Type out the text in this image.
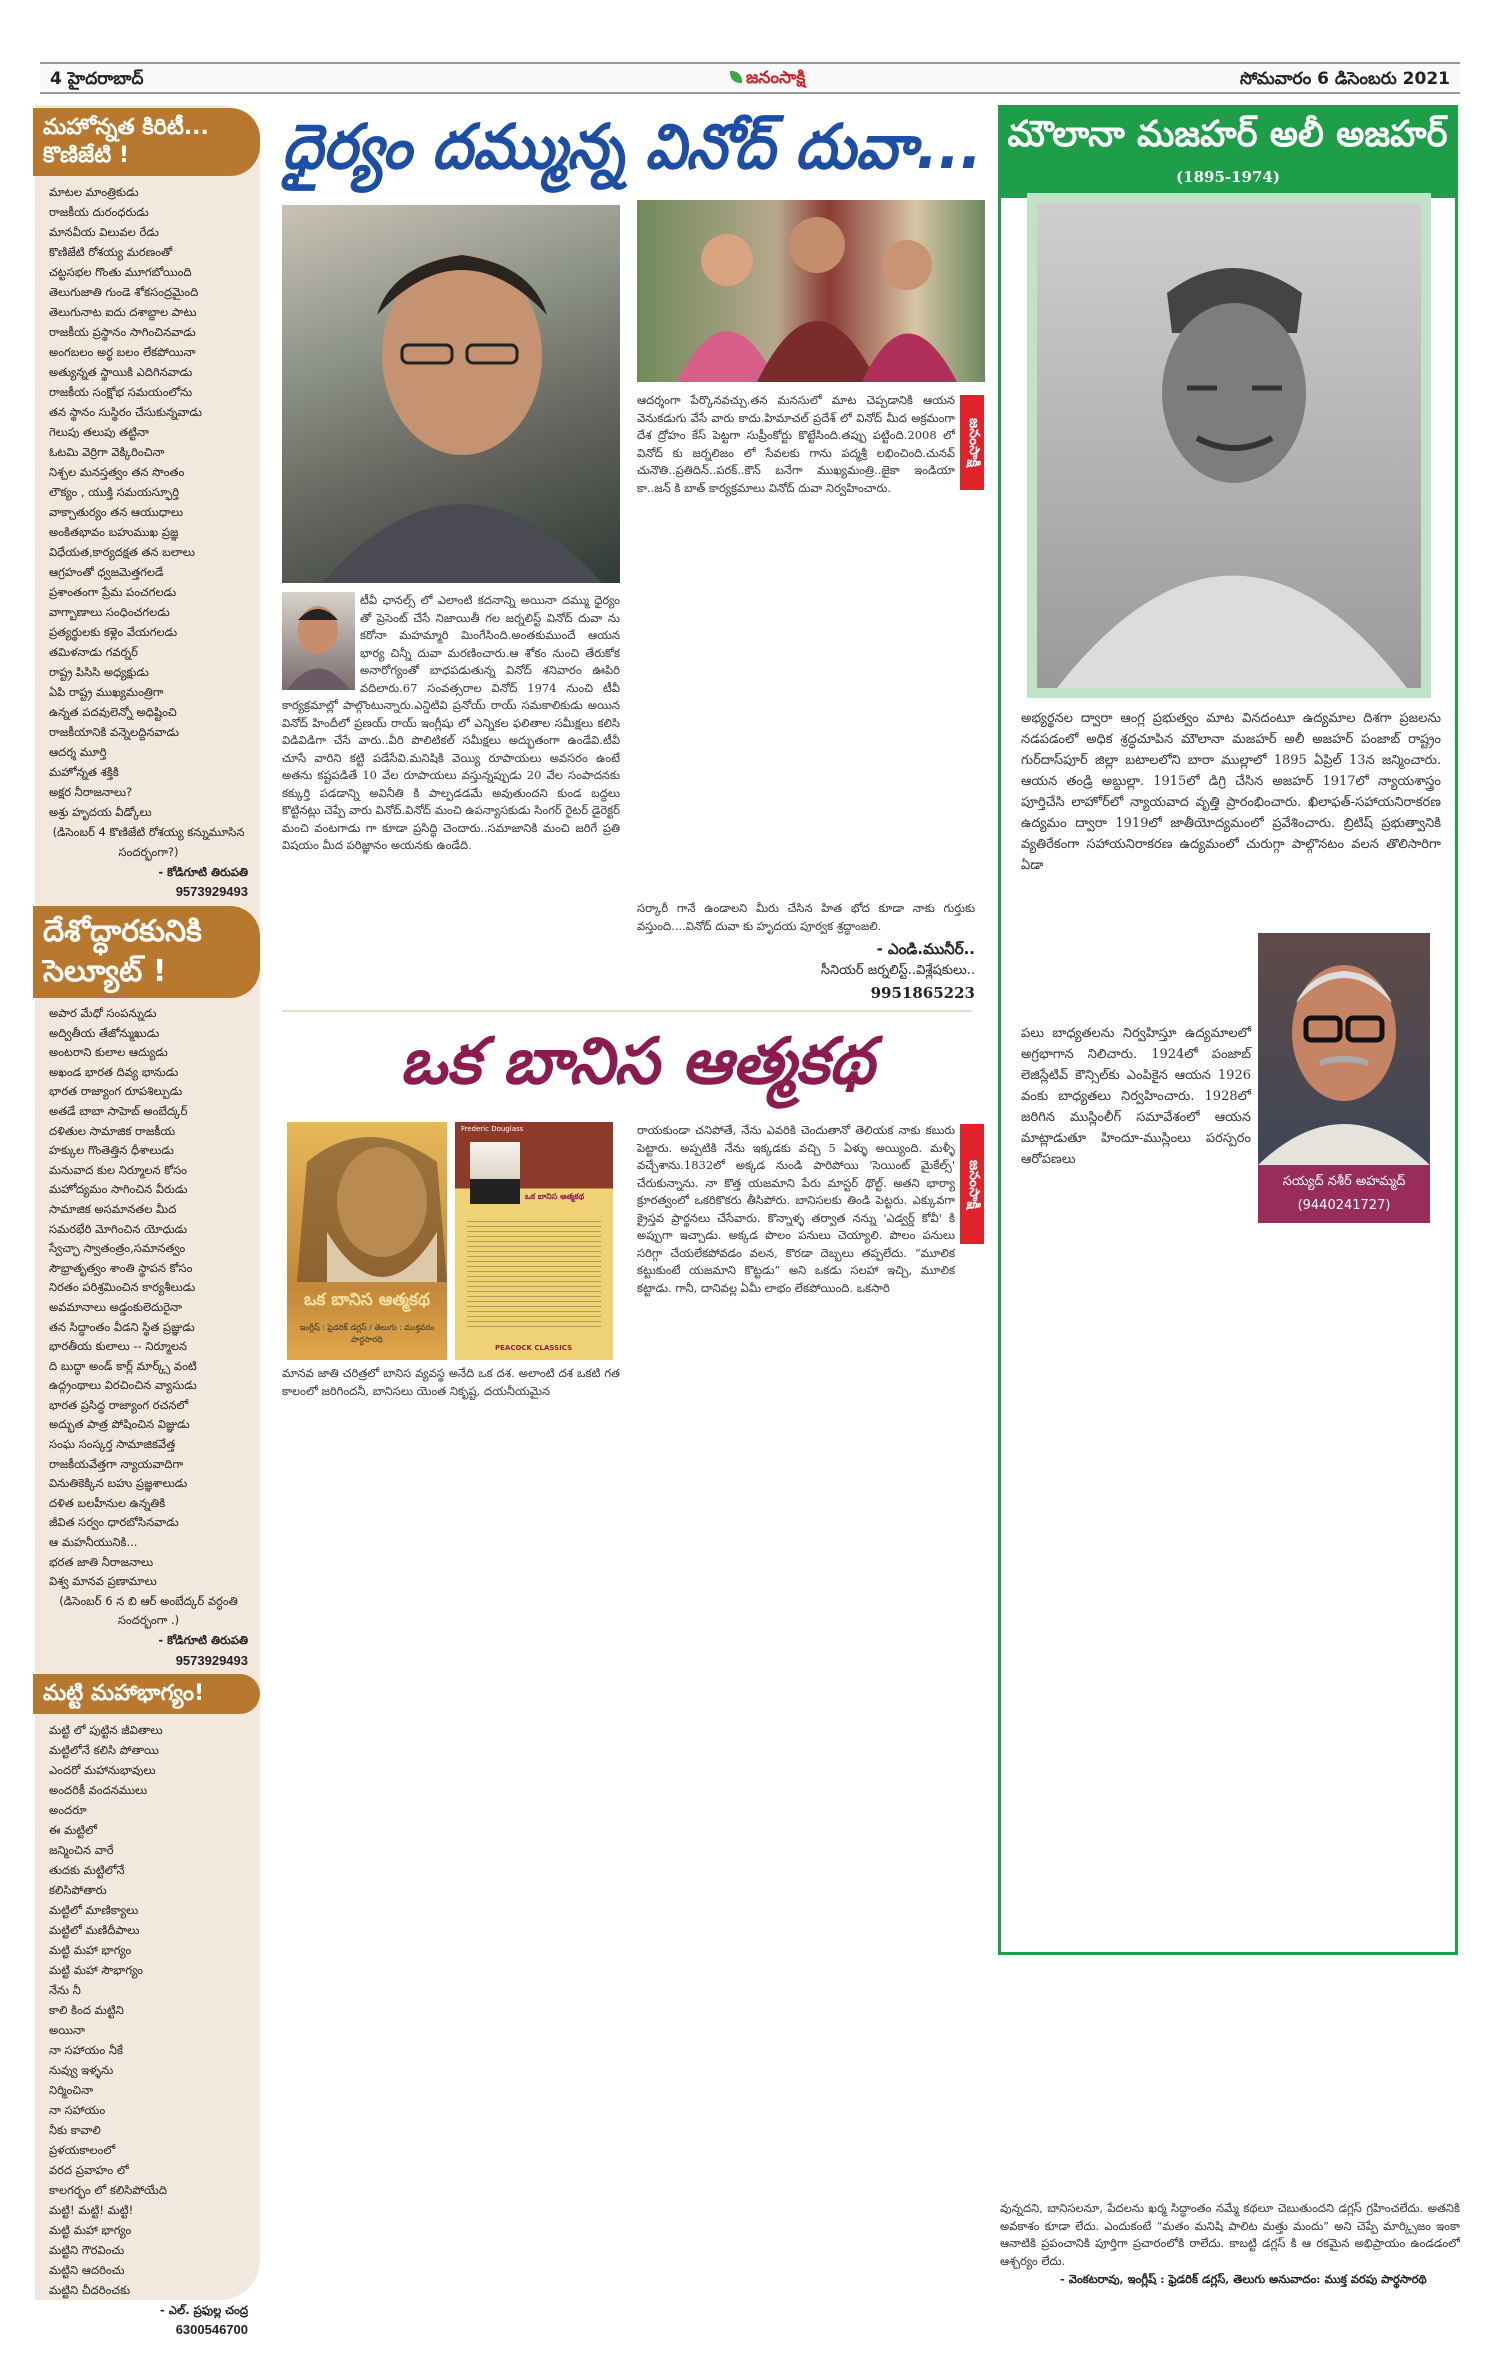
4 హైదరాబాద్	జనంసాక్షి	సోమవారం 6 డిసెంబరు 2021
మహోన్నత కిరిటీ... కొణిజేటి !
మాటల మాంత్రికుడు
రాజకీయ దురంధరుడు
మానవీయ విలువల రేడు
కొణిజేటి రోశయ్య మరణంతో
చట్టసభల గొంతు మూగబోయింది
తెలుగుజాతి గుండె శోకసంద్రమైంది
తెలుగునాట ఐదు దశాబ్దాల పాటు
రాజకీయ ప్రస్థానం సాగించినవాడు
అంగబలం అర్థ బలం లేకపోయినా
అత్యున్నత స్థాయికి ఎదిగినవాడు
రాజకీయ సంక్షోభ సమయంలోను
తన స్థానం సుస్థిరం చేసుకున్నవాడు
గెలుపు తలుపు తట్టినా
ఓటమి వెర్రిగా వెక్కిరించినా
నిశ్చల మనస్తత్వం తన సొంతం
లౌక్యం , యుక్తి సమయస్ఫూర్తి
వాక్చాతుర్యం తన ఆయుధాలు
అంకితభావం బహుముఖ ప్రజ్ఞ
విధేయత,కార్యదక్షత తన బలాలు
ఆగ్రహంతో ధ్వజమెత్తగలడే
ప్రశాంతంగా ప్రేమ పంచగలడు
వాగ్బాణాలు సంధించగలడు
ప్రత్యర్థులకు కళ్లెం వేయగలడు
తమిళనాడు గవర్నర్
రాష్ట్ర పిసిసి అధ్యక్షుడు
ఏపి రాష్ట్ర ముఖ్యమంత్రిగా
ఉన్నత పదవులెన్నో అధిష్టించి
రాజకీయానికి వన్నెలద్దినవాడు
ఆదర్శ మూర్తి
మహోన్నత శక్తికి
అక్షర నీరాజనాలు?
అశ్రు హృదయ వీడ్కోలు
(డిసెంబర్ 4 కొణిజేటి రోశయ్య కన్నుమూసిన సందర్భంగా?)
- కోడిగూటి తిరుపతి
9573929493
దేశోద్ధారకునికి సెల్యూట్ !
అపార మేధో సంపన్నుడు
అద్వితీయ తేజోన్ముఖుడు
అంటరాని కులాల ఆద్యుడు
అఖండ భారత దివ్య భానుడు
భారత రాజ్యాంగ రూపశిల్పుడు
అతడే బాబా సాహెబ్ అంబేద్కర్
దళితుల సామాజిక రాజకీయ
హక్కుల గొంతెత్తిన ధీశాలుడు
మనువాద కుల నిర్మూలన కోసం
మహోద్యమం సాగించిన వీరుడు
సామాజిక అసమానతల మీద
సమరభేరి మోగించిన యోధుడు
స్వేచ్ఛా స్వాతంత్రం,సమానత్వం
సౌభ్రాతృత్వం శాంతి స్థాపన కోసం
నిరతం పరిశ్రమించిన కార్యశీలుడు
అవమానాలు అడ్డంకులెదురైనా
తన సిద్ధాంతం వీడని స్థిత ప్రజ్ఞుడు
భారతీయ కులాలు -- నిర్మూలన
ది బుద్ధా అండ్ కార్ల్ మార్క్స్ వంటి
ఉద్గ్రంథాలు విరచించిన వ్యాసుడు
భారత ప్రసిద్ధ రాజ్యాంగ రచనలో
అద్భుత పాత్ర పోషించిన విజ్ఞుడు
సంఘ సంస్కర్త సామాజికవేత్త
రాజకీయవేత్తగా న్యాయవాదిగా
వినుతికెక్కిన బహు ప్రజ్ఞశాలుడు
దళిత బలహీనుల ఉన్నతికి
జీవిత సర్వం ధారబోసినవాడు
ఆ మహనీయునికి...
భరత జాతి నీరాజనాలు
విశ్వ మానవ ప్రణామాలు
(డిసెంబర్ 6 న బి ఆర్ అంబేద్కర్ వర్ధంతి సందర్భంగా .)
- కోడిగూటి తిరుపతి
9573929493
మట్టి మహాభాగ్యం!
మట్టి లో పుట్టిన జీవితాలు
మట్టిలోనే కలిసి పోతాయి
ఎందరో మహానుభావులు
అందరికీ వందనములు
అందరూ
ఈ మట్టిలో
జన్మించిన వారే
తుదకు మట్టిలోనే
కలిసిపోతారు
మట్టిలో మాణిక్యాలు
మట్టిలో మణిదీపాలు
మట్టి మహా భాగ్యం
మట్టి మహా సౌభాగ్యం
నేను నీ
కాలి కింద మట్టిని
అయినా
నా సహాయం నీకే
నువ్వు ఇళ్ళను
నిర్మించినా
నా సహాయం
నీకు కావాలి
ప్రళయకాలంలో
వరద ప్రవాహం లో
కాలగర్భం లో కలిసిపోయేది
మట్టి! మట్టి! మట్టి!
మట్టి మహా భాగ్యం
మట్టిని గౌరవించు
మట్టిని ఆదరించు
మట్టిని చీదరించకు
- ఎల్. ప్రఫుల్ల చంద్ర
6300546700
ధైర్యం దమ్మున్న వినోద్ దువా...
టీవీ ఛానల్స్ లో ఎలాంటి కదనాన్ని అయినా దమ్ము ధైర్యం తో ప్రెసెంట్ చేసే నిజాయితీ గల జర్నలిస్ట్ వినోద్ దువా ను కరోనా మహమ్మారి మింగేసింది.అంతకుముందే ఆయన భార్య చిన్నీ దువా మరణించారు.ఆ శోకం నుంచి తేరుకోక అనారోగ్యంతో బాధపడుతున్న వినోద్ శనివారం ఊపిరి వదిలారు.67 సంవత్సరాల వినోద్ 1974 నుంచి టీవీ కార్యక్రమాల్లో పాల్గొంటున్నారు.ఎన్డిటివి ప్రనోయ్ రాయ్ సమకాలికుడు అయిన వినోద్ హిందీలో ప్రణయ్ రాయ్ ఇంగ్లీషు లో ఎన్నికల ఫలితాల సమీక్షలు కలిసి విడివిడిగా చేసే వారు..వీరి పొలిటికల్ సమీక్షలు అద్భుతంగా ఉండేవి.టీవీ చూసే వారిని కట్టి పడేసేవి.మనిషికి వెయ్యి రూపాయలు అవసరం ఉంటే అతను కష్టపడితే 10 వేల రూపాయలు వస్తున్నప్పుడు 20 వేల సంపాదనకు కక్కుర్తి పడడాన్ని అవినీతి కి పాల్పడడమే అవుతుందని కుండ బద్దలు కొట్టినట్లు చెప్పే వారు వినోద్.వినోద్ మంచి ఉపన్యాసకుడు సింగర్ రైటర్ డైరెక్టర్ మంచి వంటగాడు గా కూడా ప్రసిద్ధి చెందారు..సమాజానికి మంచి జరిగే ప్రతి విషయం మీద పరిజ్ఞానం అయనకు ఉండేది.
ఆదర్శంగా పేర్కొనవచ్చు.తన మనసులో మాట చెప్పడానికి ఆయన వెనుకడుగు వేసే వారు కాదు.హిమాచల్ ప్రదేశ్ లో వినోద్ మీద అక్రమంగా దేశ ద్రోహం కేస్ పెట్టగా సుప్రీంకోర్టు కొట్టేసింది.తప్పు పట్టింది.2008 లో వినోద్ కు జర్నలిజం లో సేవలకు గాను పద్మశ్రీ లభించింది.చునవ్ చునౌతి..ప్రతిదిన్..పరక్..కౌన్ బనేగా ముఖ్యమంత్రి..జైకా ఇండియా కా..జన్ కి బాత్ కార్యక్రమాలు వినోద్ దువా నిర్వహించారు.
జనంసాక్షి
సర్కారీ గానే ఉండాలని మీరు చేసిన హిత భోద కూడా నాకు గుర్తుకు వస్తుంది....వినోద్ దువా కు హృదయ పూర్వక శ్రద్ధాంజలి.
- ఎండి.మునీర్..
సీనియర్ జర్నలిస్ట్..విశ్లేషకులు..
9951865223
ఒక బానిస ఆత్మకథ
ఒక బానిస ఆత్మకథ
ఇంగ్లీష్ : ఫ్రెడరిక్ డగ్లస్ / తెలుగు : ముక్తవరం పార్థసారధి
Frederic Douglass
ఒక బానిస ఆత్మకథ
PEACOCK CLASSICS
మానవ జాతి చరిత్రలో బానిస వ్యవస్థ అనేది ఒక దశ. అలాంటి దశ ఒకటి గత కాలంలో జరిగిందనీ, బానిసలు యెంత నికృష్ట, దయనీయమైన
రాయకుండా చనిపోతే, నేను ఎవరికి చెందుతానో తెలియక నాకు కబురు పెట్టారు. అప్పటికి నేను ఇక్కడకు వచ్చి 5 ఏళ్ళు అయ్యింది. మళ్ళీ వచ్చేశాను.1832లో అక్కడ నుండి పారిపోయి 'సెయింట్ మైకేల్స్' చేరుకున్నాను. నా కొత్త యజమాని పేరు మాస్టర్ థొల్ట్. అతని భార్యా క్రూరత్వంలో ఒకరికొకరు తీసిపోరు. బానిసలకు తిండి పెట్టరు. ఎక్కువగా క్రైస్తవ ప్రార్థనలు చేసేవారు. కొన్నాళ్ళ తర్వాత నన్ను 'ఎడ్వర్డ్ కోవీ' కి అప్పుగా ఇచ్చాడు. అక్కడ పొలం పనులు చెయ్యాలి. పొలం పనులు సరిగ్గా చేయలేకపోవడం వలన, కొరడా దెబ్బలు తప్పలేదు. “మూలిక కట్టుకుంటే యజమాని కొట్టడు” అని ఒకడు సలహా ఇచ్చి, మూలిక కట్టాడు. గానీ, దానివల్ల ఏమీ లాభం లేకపోయింది. ఒకసారి
జనంసాక్షి
వున్నదని, బానిసలనూ, పేదలను ఖర్మ సిద్ధాంతం నమ్మే కథలూ చెబుతుందని డగ్లస్ గ్రహించలేదు. అతనికి అవకాశం కూడా లేదు. ఎందుకంటే “మతం మనిషి పాలిట మత్తు మందు” అని చెప్పే మార్క్సిజం ఇంకా ఆనాటికి ప్రపంచానికి పూర్తిగా ప్రచారంలోకి రాలేదు. కాబట్టి డగ్లస్ కి ఆ రకమైన అభిప్రాయం ఉండడంలో ఆశ్చర్యం లేదు.
- వెంకటరావు, ఇంగ్లీష్ : ఫ్రెడరిక్ డగ్లస్, తెలుగు అనువాదం: ముక్త వరపు పార్థసారథి
మౌలానా మజహర్ అలీ అజహర్
(1895-1974)
అభ్యర్థనల ద్వారా ఆంగ్ల ప్రభుత్వం మాట వినదంటూ ఉద్యమాల దిశగా ప్రజలను నడపడంలో అధిక శ్రద్ధచూపిన మౌలానా మజహర్ అలీ అజహర్ పంజాబ్ రాష్ట్రం గుర్‌దాస్‌పూర్ జిల్లా బటాలలోని బారా ముల్లాలో 1895 ఏప్రిల్ 13న జన్మించారు. ఆయన తండ్రి అబ్దుల్లా. 1915లో డిగ్రి చేసిన అజహర్ 1917లో న్యాయశాస్త్రం పూర్తిచేసి లాహోర్‌లో న్యాయవాద వృత్తి ప్రారంభించారు. ఖిలాఫత్-సహాయనిరాకరణ ఉద్యమం ద్వారా 1919లో జాతీయోద్యమంలో ప్రవేశించారు. బ్రిటిష్ ప్రభుత్వానికి వ్యతిరేకంగా సహాయనిరాకరణ ఉద్యమంలో చురుగ్గా పాల్గొనటం వలన తొలిసారిగా ఏడా
సయ్యద్ నశీర్ అహమ్మద్
(9440241727)
పలు బాధ్యతలను నిర్వహిస్తూ ఉద్యమాలలో అగ్రభాగాన నిలిచారు. 1924లో పంజాబ్ లెజిస్లేటివ్ కౌన్సిల్‌కు ఎంపికైన ఆయన 1926 వంకు బాధ్యతలు నిర్వహించారు. 1928లో జరిగిన ముస్లింలీగ్ సమావేశంలో ఆయన మాట్లాడుతూ హిందూ-ముస్లింలు పరస్పరం ఆరోపణలు
